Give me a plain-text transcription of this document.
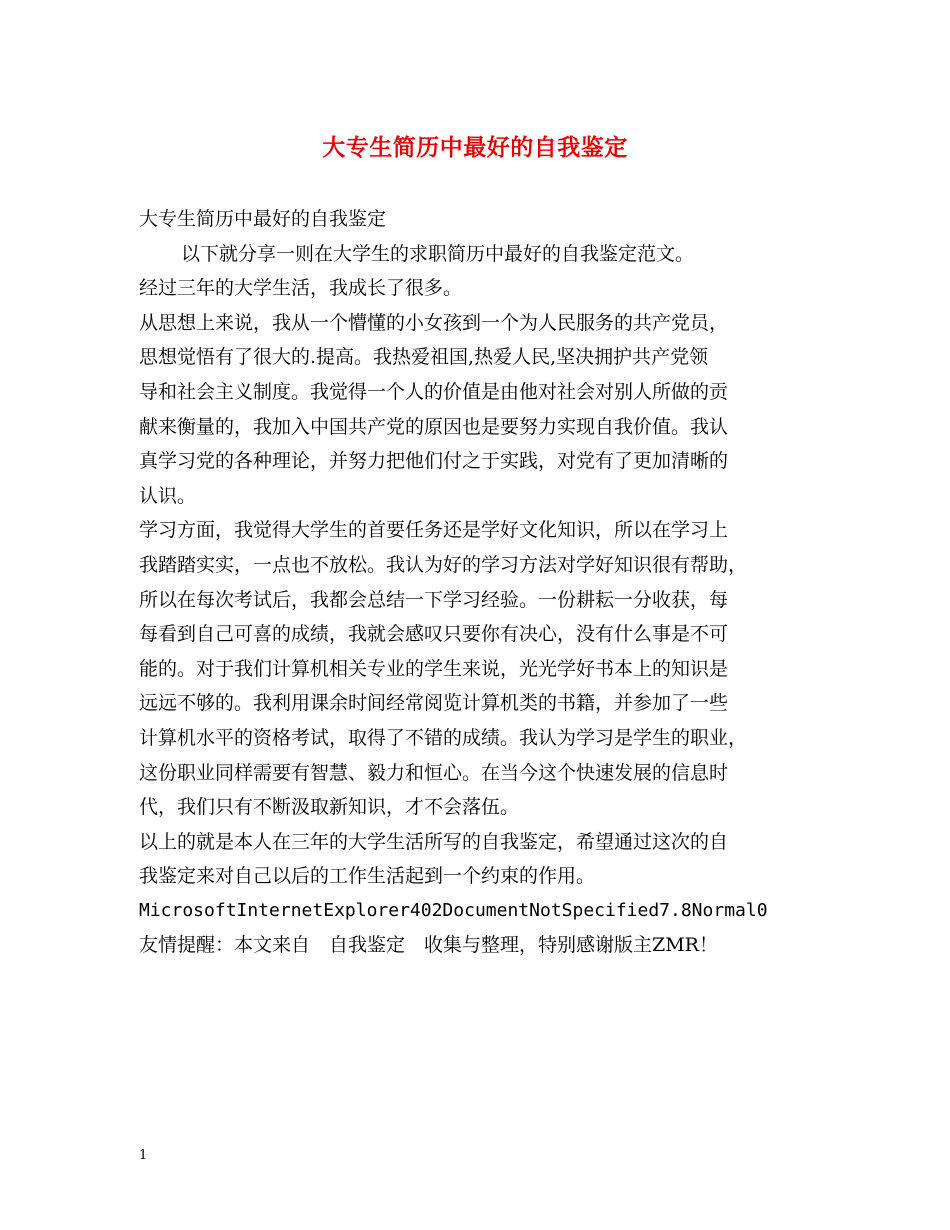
大专生简历中最好的自我鉴定
大专生简历中最好的自我鉴定
以下就分享一则在大学生的求职简历中最好的自我鉴定范文。
经过三年的大学生活，我成长了很多。
从思想上来说，我从一个懵懂的小女孩到一个为人民服务的共产党员，
思想觉悟有了很大的.提高。我热爱祖国,热爱人民,坚决拥护共产党领
导和社会主义制度。我觉得一个人的价值是由他对社会对别人所做的贡
献来衡量的，我加入中国共产党的原因也是要努力实现自我价值。我认
真学习党的各种理论，并努力把他们付之于实践，对党有了更加清晰的
认识。
学习方面，我觉得大学生的首要任务还是学好文化知识，所以在学习上
我踏踏实实，一点也不放松。我认为好的学习方法对学好知识很有帮助，
所以在每次考试后，我都会总结一下学习经验。一份耕耘一分收获，每
每看到自己可喜的成绩，我就会感叹只要你有决心，没有什么事是不可
能的。对于我们计算机相关专业的学生来说，光光学好书本上的知识是
远远不够的。我利用课余时间经常阅览计算机类的书籍，并参加了一些
计算机水平的资格考试，取得了不错的成绩。我认为学习是学生的职业，
这份职业同样需要有智慧、毅力和恒心。在当今这个快速发展的信息时
代，我们只有不断汲取新知识，才不会落伍。
以上的就是本人在三年的大学生活所写的自我鉴定，希望通过这次的自
我鉴定来对自己以后的工作生活起到一个约束的作用。
MicrosoftInternetExplorer402DocumentNotSpecified7.8Normal0
友情提醒：本文来自　自我鉴定　收集与整理，特别感谢版主ZMR！
1
